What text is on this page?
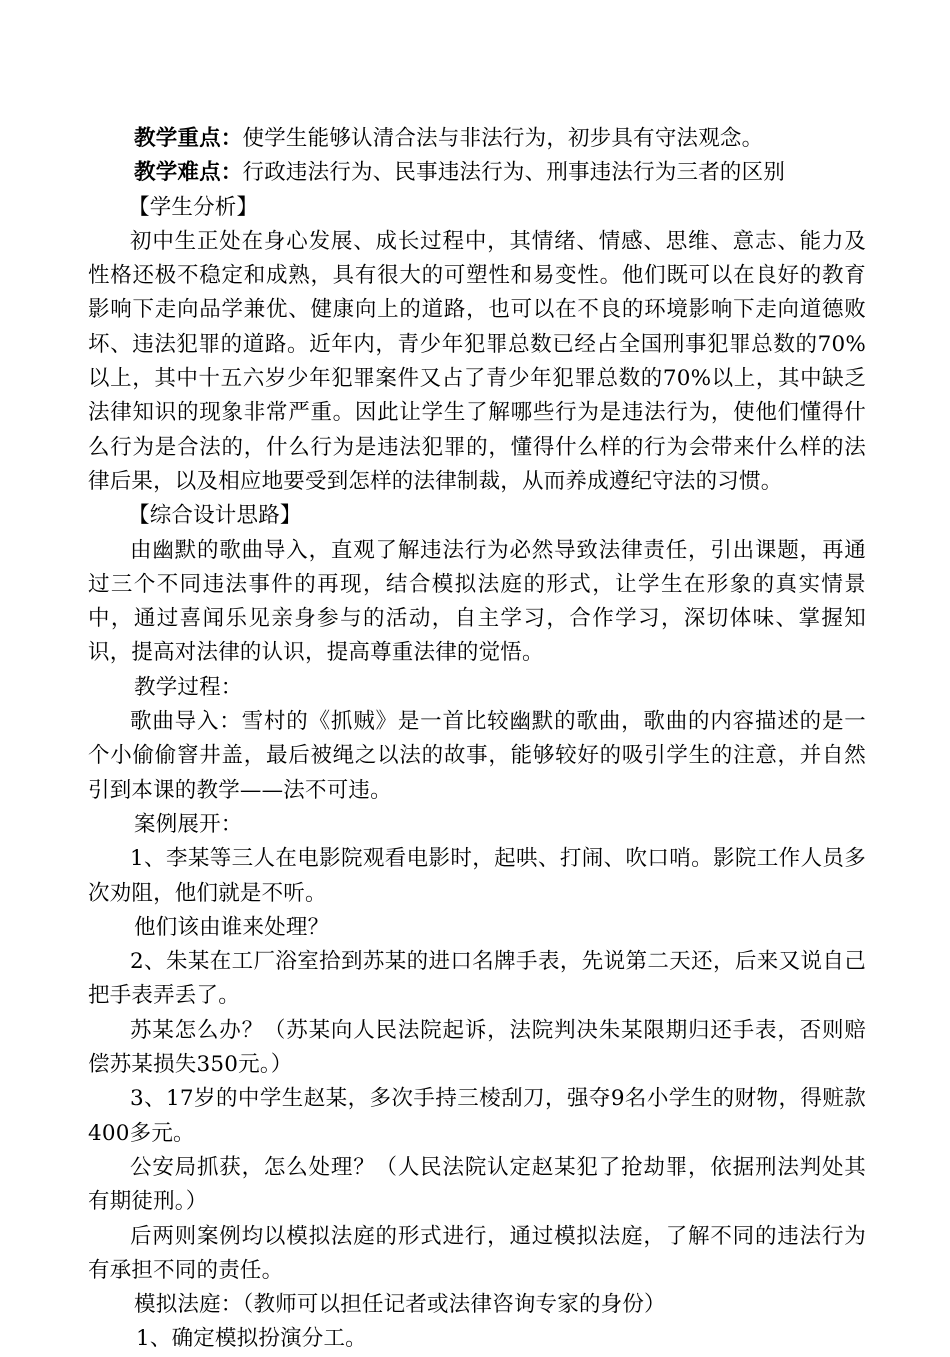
教学重点：使学生能够认清合法与非法行为，初步具有守法观念。
教学难点：行政违法行为、民事违法行为、刑事违法行为三者的区别
【学生分析】

初中生正处在身心发展、成长过程中，其情绪、情感、思维、意志、能力及性格还极不稳定和成熟，具有很大的可塑性和易变性。他们既可以在良好的教育影响下走向品学兼优、健康向上的道路，也可以在不良的环境影响下走向道德败坏、违法犯罪的道路。近年内，青少年犯罪总数已经占全国刑事犯罪总数的70%以上，其中十五六岁少年犯罪案件又占了青少年犯罪总数的70%以上，其中缺乏法律知识的现象非常严重。因此让学生了解哪些行为是违法行为，使他们懂得什么行为是合法的，什么行为是违法犯罪的，懂得什么样的行为会带来什么样的法律后果，以及相应地要受到怎样的法律制裁，从而养成遵纪守法的习惯。

【综合设计思路】

由幽默的歌曲导入，直观了解违法行为必然导致法律责任，引出课题，再通过三个不同违法事件的再现，结合模拟法庭的形式，让学生在形象的真实情景中，通过喜闻乐见亲身参与的活动，自主学习，合作学习，深切体味、掌握知识，提高对法律的认识，提高尊重法律的觉悟。

教学过程：

歌曲导入：雪村的《抓贼》是一首比较幽默的歌曲，歌曲的内容描述的是一个小偷偷窨井盖，最后被绳之以法的故事，能够较好的吸引学生的注意，并自然引到本课的教学——法不可违。

案例展开：

1、李某等三人在电影院观看电影时，起哄、打闹、吹口哨。影院工作人员多次劝阻，他们就是不听。

他们该由谁来处理？

2、朱某在工厂浴室拾到苏某的进口名牌手表，先说第二天还，后来又说自己把手表弄丢了。

苏某怎么办？（苏某向人民法院起诉，法院判决朱某限期归还手表，否则赔偿苏某损失350元。）

3、17岁的中学生赵某，多次手持三棱刮刀，强夺9名小学生的财物，得赃款400多元。

公安局抓获，怎么处理？（人民法院认定赵某犯了抢劫罪，依据刑法判处其有期徒刑。）

后两则案例均以模拟法庭的形式进行，通过模拟法庭，了解不同的违法行为有承担不同的责任。

模拟法庭：（教师可以担任记者或法律咨询专家的身份）
1、确定模拟扮演分工。
